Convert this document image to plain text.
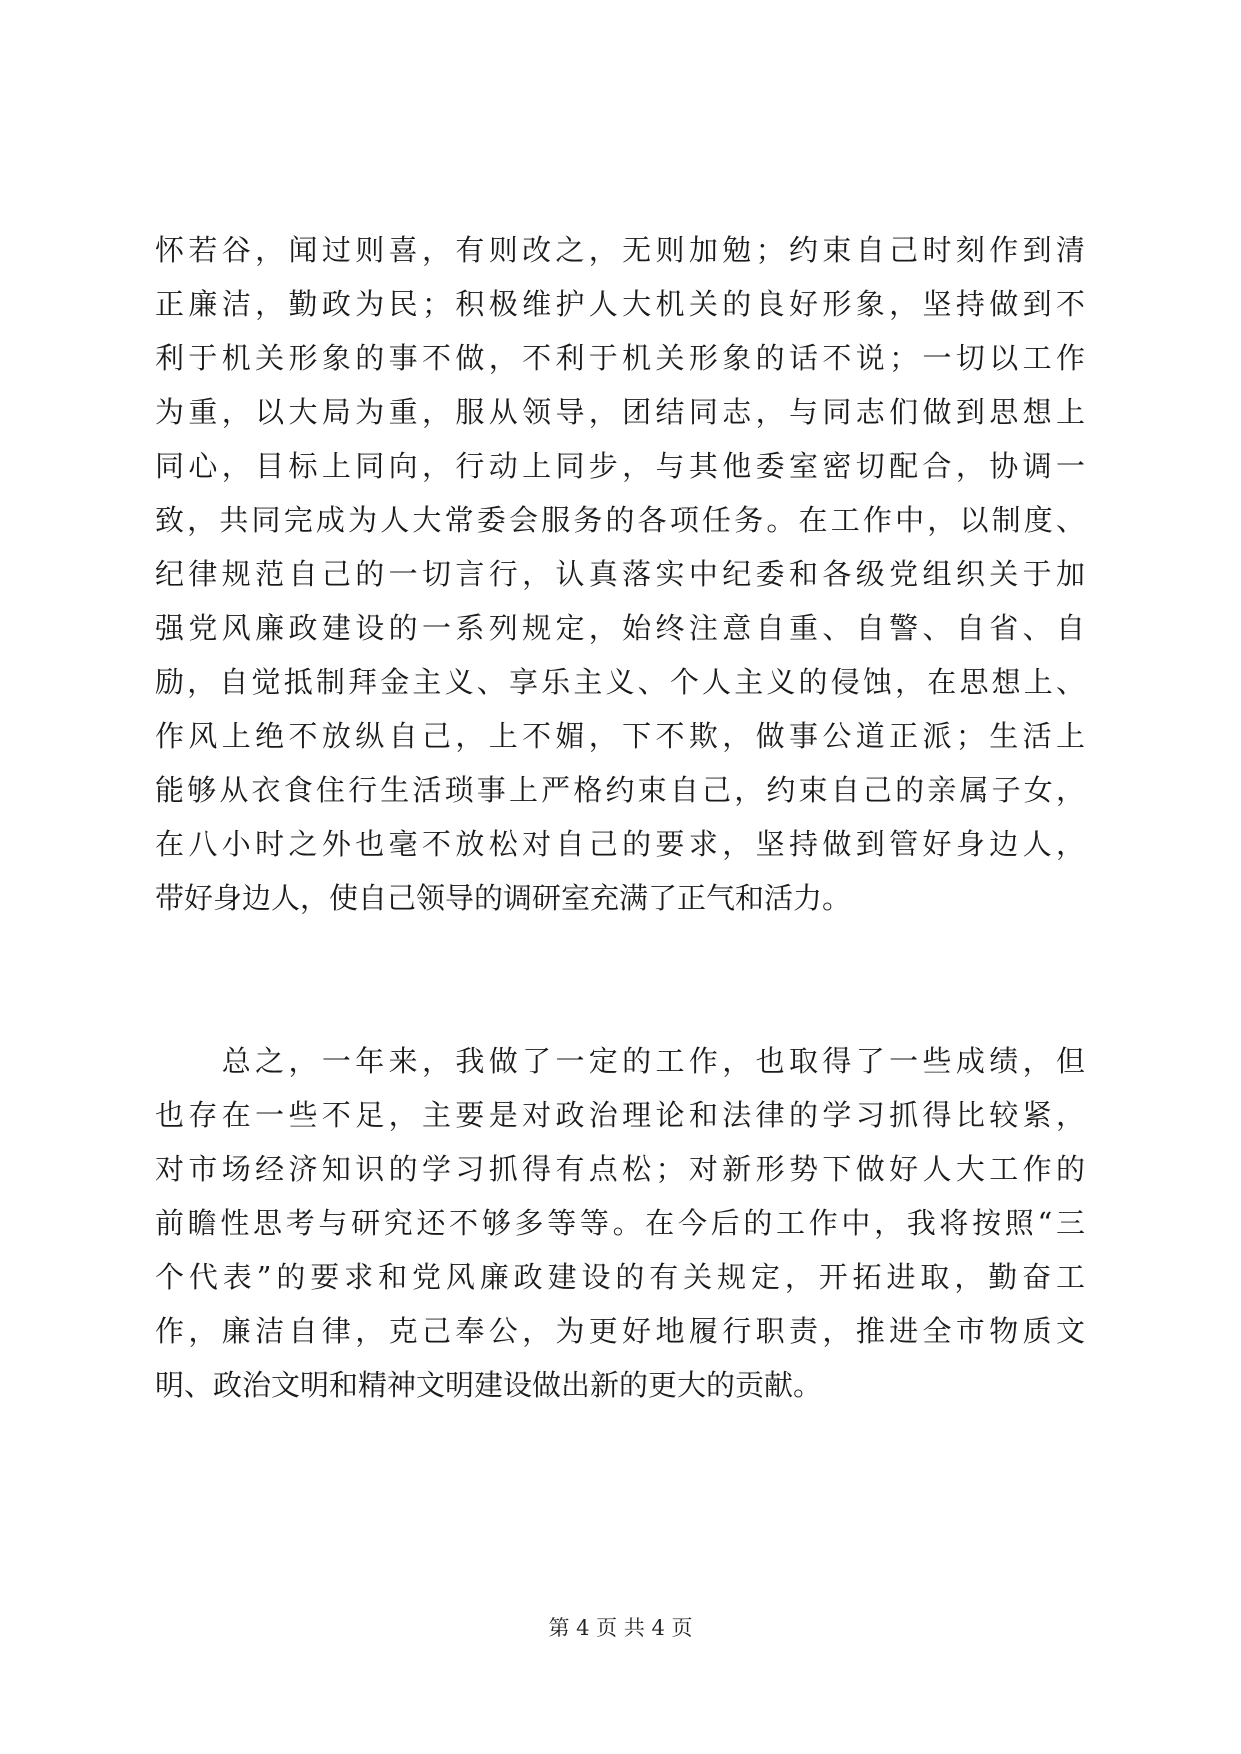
怀若谷，闻过则喜，有则改之，无则加勉；约束自己时刻作到清
正廉洁，勤政为民；积极维护人大机关的良好形象，坚持做到不
利于机关形象的事不做，不利于机关形象的话不说；一切以工作
为重，以大局为重，服从领导，团结同志，与同志们做到思想上
同心，目标上同向，行动上同步，与其他委室密切配合，协调一
致，共同完成为人大常委会服务的各项任务。在工作中，以制度、
纪律规范自己的一切言行，认真落实中纪委和各级党组织关于加
强党风廉政建设的一系列规定，始终注意自重、自警、自省、自
励，自觉抵制拜金主义、享乐主义、个人主义的侵蚀，在思想上、
作风上绝不放纵自己，上不媚，下不欺，做事公道正派；生活上
能够从衣食住行生活琐事上严格约束自己，约束自己的亲属子女，
在八小时之外也毫不放松对自己的要求，坚持做到管好身边人，
带好身边人，使自己领导的调研室充满了正气和活力。
　　总之，一年来，我做了一定的工作，也取得了一些成绩，但
也存在一些不足，主要是对政治理论和法律的学习抓得比较紧，
对市场经济知识的学习抓得有点松；对新形势下做好人大工作的
前瞻性思考与研究还不够多等等。在今后的工作中，我将按照“三
个代表”的要求和党风廉政建设的有关规定，开拓进取，勤奋工
作，廉洁自律，克己奉公，为更好地履行职责，推进全市物质文
明、政治文明和精神文明建设做出新的更大的贡献。
第 4 页 共 4 页
